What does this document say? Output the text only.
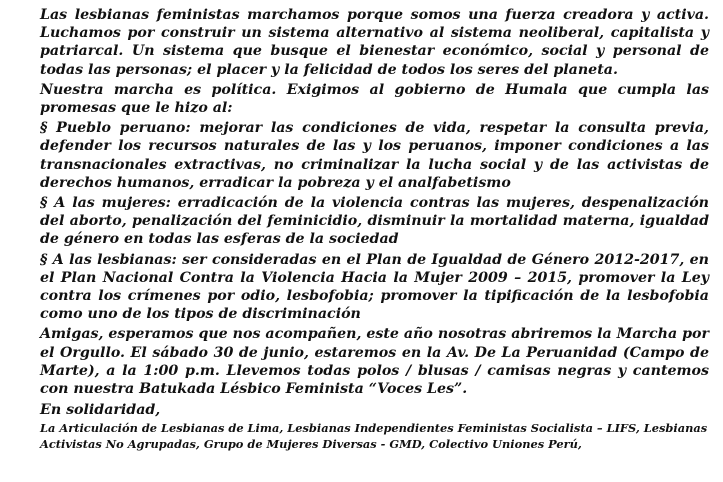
Las lesbianas feministas marchamos porque somos una fuerza creadora y activa. Luchamos por construir un sistema alternativo al sistema neoliberal, capitalista y patriarcal. Un sistema que busque el bienestar económico, social y personal de todas las personas; el placer y la felicidad de todos los seres del planeta.

Nuestra marcha es política. Exigimos al gobierno de Humala que cumpla las promesas que le hizo al:

§ Pueblo peruano: mejorar las condiciones de vida, respetar la consulta previa, defender los recursos naturales de las y los peruanos, imponer condiciones a las transnacionales extractivas, no criminalizar la lucha social y de las activistas de derechos humanos, erradicar la pobreza y el analfabetismo

§ A las mujeres: erradicación de la violencia contras las mujeres, despenalización del aborto, penalización del feminicidio, disminuir la mortalidad materna, igualdad de género en todas las esferas de la sociedad

§ A las lesbianas: ser consideradas en el Plan de Igualdad de Género 2012-2017, en el Plan Nacional Contra la Violencia Hacia la Mujer 2009 – 2015, promover la Ley contra los crímenes por odio, lesbofobia; promover la tipificación de la lesbofobia como uno de los tipos de discriminación

Amigas, esperamos que nos acompañen, este año nosotras abriremos la Marcha por el Orgullo. El sábado 30 de junio, estaremos en la Av. De La Peruanidad (Campo de Marte), a la 1:00 p.m. Llevemos todas polos / blusas / camisas negras y cantemos con nuestra Batukada Lésbico Feminista “Voces Les”.

En solidaridad,

La Articulación de Lesbianas de Lima, Lesbianas Independientes Feministas Socialista – LIFS, Lesbianas Activistas No Agrupadas, Grupo de Mujeres Diversas - GMD, Colectivo Uniones Perú,
